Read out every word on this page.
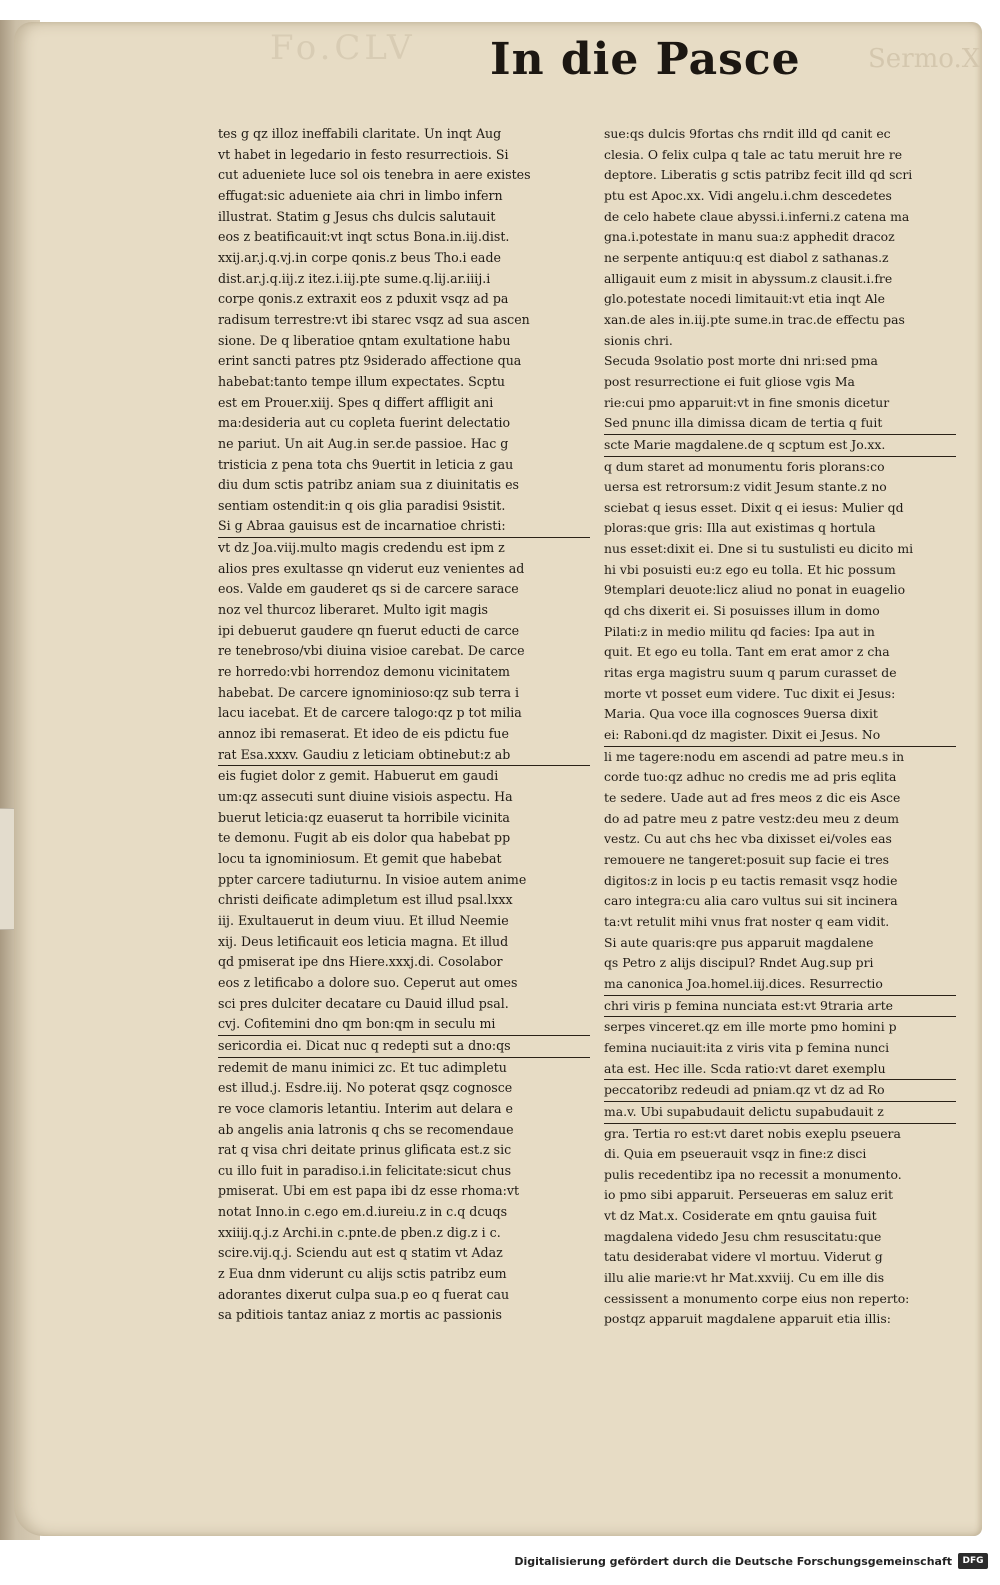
Fo.CLV	Sermo.X
In die Pasce
tes g qz illoz ineffabili claritate. Un inqt Aug
vt habet in legedario in festo resurrectiois. Si
cut adueniete luce sol ois tenebra in aere existes
effugat:sic adueniete aia chri in limbo infern
illustrat. Statim g Jesus chs dulcis salutauit
eos z beatificauit:vt inqt sctus Bona.in.iij.dist.
xxij.ar.j.q.vj.in corpe qonis.z beus Tho.i eade
dist.ar.j.q.iij.z itez.i.iij.pte sume.q.lij.ar.iiij.i
corpe qonis.z extraxit eos z pduxit vsqz ad pa
radisum terrestre:vt ibi starec vsqz ad sua ascen
sione. De q liberatioe qntam exultatione habu
erint sancti patres ptz 9siderado affectione qua
habebat:tanto tempe illum expectates. Scptu
est em Prouer.xiij. Spes q differt affligit ani
ma:desideria aut cu copleta fuerint delectatio
ne pariut. Un ait Aug.in ser.de passioe. Hac g
tristicia z pena tota chs 9uertit in leticia z gau
diu dum sctis patribz aniam sua z diuinitatis es
sentiam ostendit:in q ois glia paradisi 9sistit.
Si g Abraa gauisus est de incarnatioe christi:
vt dz Joa.viij.multo magis credendu est ipm z
alios pres exultasse qn viderut euz venientes ad
eos. Valde em gauderet qs si de carcere sarace
noz vel thurcoz liberaret. Multo igit magis
ipi debuerut gaudere qn fuerut educti de carce
re tenebroso/vbi diuina visioe carebat. De carce
re horredo:vbi horrendoz demonu vicinitatem
habebat. De carcere ignominioso:qz sub terra i
lacu iacebat. Et de carcere talogo:qz p tot milia
annoz ibi remaserat. Et ideo de eis pdictu fue
rat Esa.xxxv. Gaudiu z leticiam obtinebut:z ab
eis fugiet dolor z gemit. Habuerut em gaudi
um:qz assecuti sunt diuine visiois aspectu. Ha
buerut leticia:qz euaserut ta horribile vicinita
te demonu. Fugit ab eis dolor qua habebat pp
locu ta ignominiosum. Et gemit que habebat
ppter carcere tadiuturnu. In visioe autem anime
christi deificate adimpletum est illud psal.lxxx
iij. Exultauerut in deum viuu. Et illud Neemie
xij. Deus letificauit eos leticia magna. Et illud
qd pmiserat ipe dns Hiere.xxxj.di. Cosolabor
eos z letificabo a dolore suo. Ceperut aut omes
sci pres dulciter decatare cu Dauid illud psal.
cvj. Cofitemini dno qm bon:qm in seculu mi
sericordia ei. Dicat nuc q redepti sut a dno:qs
redemit de manu inimici zc. Et tuc adimpletu
est illud.j. Esdre.iij. No poterat qsqz cognosce
re voce clamoris letantiu. Interim aut delara e
ab angelis ania latronis q chs se recomendaue
rat q visa chri deitate prinus glificata est.z sic
cu illo fuit in paradiso.i.in felicitate:sicut chus
pmiserat. Ubi em est papa ibi dz esse rhoma:vt
notat Inno.in c.ego em.d.iureiu.z in c.q dcuqs
xxiiij.q.j.z Archi.in c.pnte.de pben.z dig.z i c.
scire.vij.q.j. Sciendu aut est q statim vt Adaz
z Eua dnm viderunt cu alijs sctis patribz eum
adorantes dixerut culpa sua.p eo q fuerat cau
sa pditiois tantaz aniaz z mortis ac passionis
sue:qs dulcis 9fortas chs rndit illd qd canit ec
clesia. O felix culpa q tale ac tatu meruit hre re
deptore. Liberatis g sctis patribz fecit illd qd scri
ptu est Apoc.xx. Vidi angelu.i.chm descedetes
de celo habete claue abyssi.i.inferni.z catena ma
gna.i.potestate in manu sua:z apphedit dracoz
ne serpente antiquu:q est diabol z sathanas.z
alligauit eum z misit in abyssum.z clausit.i.fre
glo.potestate nocedi limitauit:vt etia inqt Ale
xan.de ales in.iij.pte sume.in trac.de effectu pas
sionis chri.
Secuda 9solatio post morte dni nri:sed pma
post resurrectione ei fuit gliose vgis Ma
rie:cui pmo apparuit:vt in fine smonis dicetur
Sed pnunc illa dimissa dicam de tertia q fuit
scte Marie magdalene.de q scptum est Jo.xx.
q dum staret ad monumentu foris plorans:co
uersa est retrorsum:z vidit Jesum stante.z no
sciebat q iesus esset. Dixit q ei iesus: Mulier qd
ploras:que gris: Illa aut existimas q hortula
nus esset:dixit ei. Dne si tu sustulisti eu dicito mi
hi vbi posuisti eu:z ego eu tolla. Et hic possum
9templari deuote:licz aliud no ponat in euagelio
qd chs dixerit ei. Si posuisses illum in domo
Pilati:z in medio militu qd facies: Ipa aut in
quit. Et ego eu tolla. Tant em erat amor z cha
ritas erga magistru suum q parum curasset de
morte vt posset eum videre. Tuc dixit ei Jesus:
Maria. Qua voce illa cognosces 9uersa dixit
ei: Raboni.qd dz magister. Dixit ei Jesus. No
li me tagere:nodu em ascendi ad patre meu.s in
corde tuo:qz adhuc no credis me ad pris eqlita
te sedere. Uade aut ad fres meos z dic eis Asce
do ad patre meu z patre vestz:deu meu z deum
vestz. Cu aut chs hec vba dixisset ei/voles eas
remouere ne tangeret:posuit sup facie ei tres
digitos:z in locis p eu tactis remasit vsqz hodie
caro integra:cu alia caro vultus sui sit incinera
ta:vt retulit mihi vnus frat noster q eam vidit.
Si aute quaris:qre pus apparuit magdalene
qs Petro z alijs discipul? Rndet Aug.sup pri
ma canonica Joa.homel.iij.dices. Resurrectio
chri viris p femina nunciata est:vt 9traria arte
serpes vinceret.qz em ille morte pmo homini p
femina nuciauit:ita z viris vita p femina nunci
ata est. Hec ille. Scda ratio:vt daret exemplu
peccatoribz redeudi ad pniam.qz vt dz ad Ro
ma.v. Ubi supabudauit delictu supabudauit z
gra. Tertia ro est:vt daret nobis exeplu pseuera
di. Quia em pseuerauit vsqz in fine:z disci
pulis recedentibz ipa no recessit a monumento.
io pmo sibi apparuit. Perseueras em saluz erit
vt dz Mat.x. Cosiderate em qntu gauisa fuit
magdalena videdo Jesu chm resuscitatu:que
tatu desiderabat videre vl mortuu. Viderut g
illu alie marie:vt hr Mat.xxviij. Cu em ille dis
cessissent a monumento corpe eius non reperto:
postqz apparuit magdalene apparuit etia illis:
Digitalisierung gefördert durch die Deutsche Forschungsgemeinschaft	DFG
